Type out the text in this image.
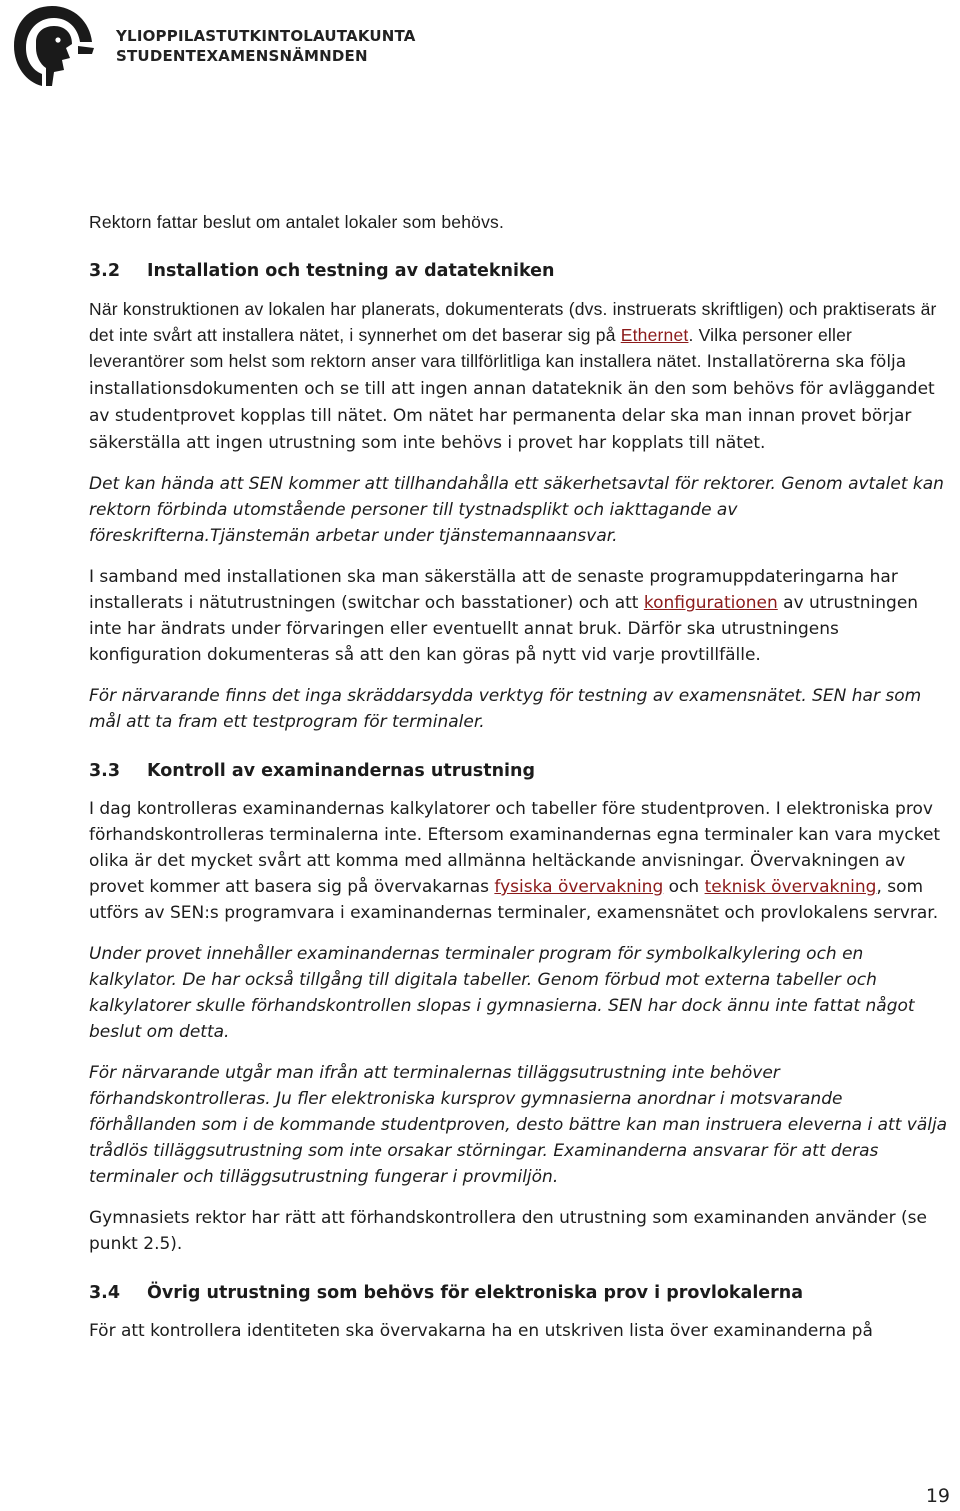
YLIOPPILASTUTKINTOLAUTAKUNTA
STUDENTEXAMENSNÄMNDEN

Rektorn fattar beslut om antalet lokaler som behövs.

3.2 Installation och testning av datatekniken

När konstruktionen av lokalen har planerats, dokumenterats (dvs. instruerats skriftligen) och praktiserats är det inte svårt att installera nätet, i synnerhet om det baserar sig på Ethernet. Vilka personer eller leverantörer som helst som rektorn anser vara tillförlitliga kan installera nätet. Installatörerna ska följa installationsdokumenten och se till att ingen annan datateknik än den som behövs för avläggandet av studentprovet kopplas till nätet. Om nätet har permanenta delar ska man innan provet börjar säkerställa att ingen utrustning som inte behövs i provet har kopplats till nätet.

Det kan hända att SEN kommer att tillhandahålla ett säkerhetsavtal för rektorer. Genom avtalet kan rektorn förbinda utomstående personer till tystnadsplikt och iakttagande av föreskrifterna.Tjänstemän arbetar under tjänstemannaansvar.

I samband med installationen ska man säkerställa att de senaste programuppdateringarna har installerats i nätutrustningen (switchar och basstationer) och att konfigurationen av utrustningen inte har ändrats under förvaringen eller eventuellt annat bruk. Därför ska utrustningens konfiguration dokumenteras så att den kan göras på nytt vid varje provtillfälle.

För närvarande finns det inga skräddarsydda verktyg för testning av examensnätet. SEN har som mål att ta fram ett testprogram för terminaler.

3.3 Kontroll av examinandernas utrustning

I dag kontrolleras examinandernas kalkylatorer och tabeller före studentproven. I elektroniska prov förhandskontrolleras terminalerna inte. Eftersom examinandernas egna terminaler kan vara mycket olika är det mycket svårt att komma med allmänna heltäckande anvisningar. Övervakningen av provet kommer att basera sig på övervakarnas fysiska övervakning och teknisk övervakning, som utförs av SEN:s programvara i examinandernas terminaler, examensnätet och provlokalens servrar.

Under provet innehåller examinandernas terminaler program för symbolkalkylering och en kalkylator. De har också tillgång till digitala tabeller. Genom förbud mot externa tabeller och kalkylatorer skulle förhandskontrollen slopas i gymnasierna. SEN har dock ännu inte fattat något beslut om detta.

För närvarande utgår man ifrån att terminalernas tilläggsutrustning inte behöver förhandskontrolleras. Ju fler elektroniska kursprov gymnasierna anordnar i motsvarande förhållanden som i de kommande studentproven, desto bättre kan man instruera eleverna i att välja trådlös tilläggsutrustning som inte orsakar störningar. Examinanderna ansvarar för att deras terminaler och tilläggsutrustning fungerar i provmiljön.

Gymnasiets rektor har rätt att förhandskontrollera den utrustning som examinanden använder (se punkt 2.5).

3.4 Övrig utrustning som behövs för elektroniska prov i provlokalerna

För att kontrollera identiteten ska övervakarna ha en utskriven lista över examinanderna på

19
